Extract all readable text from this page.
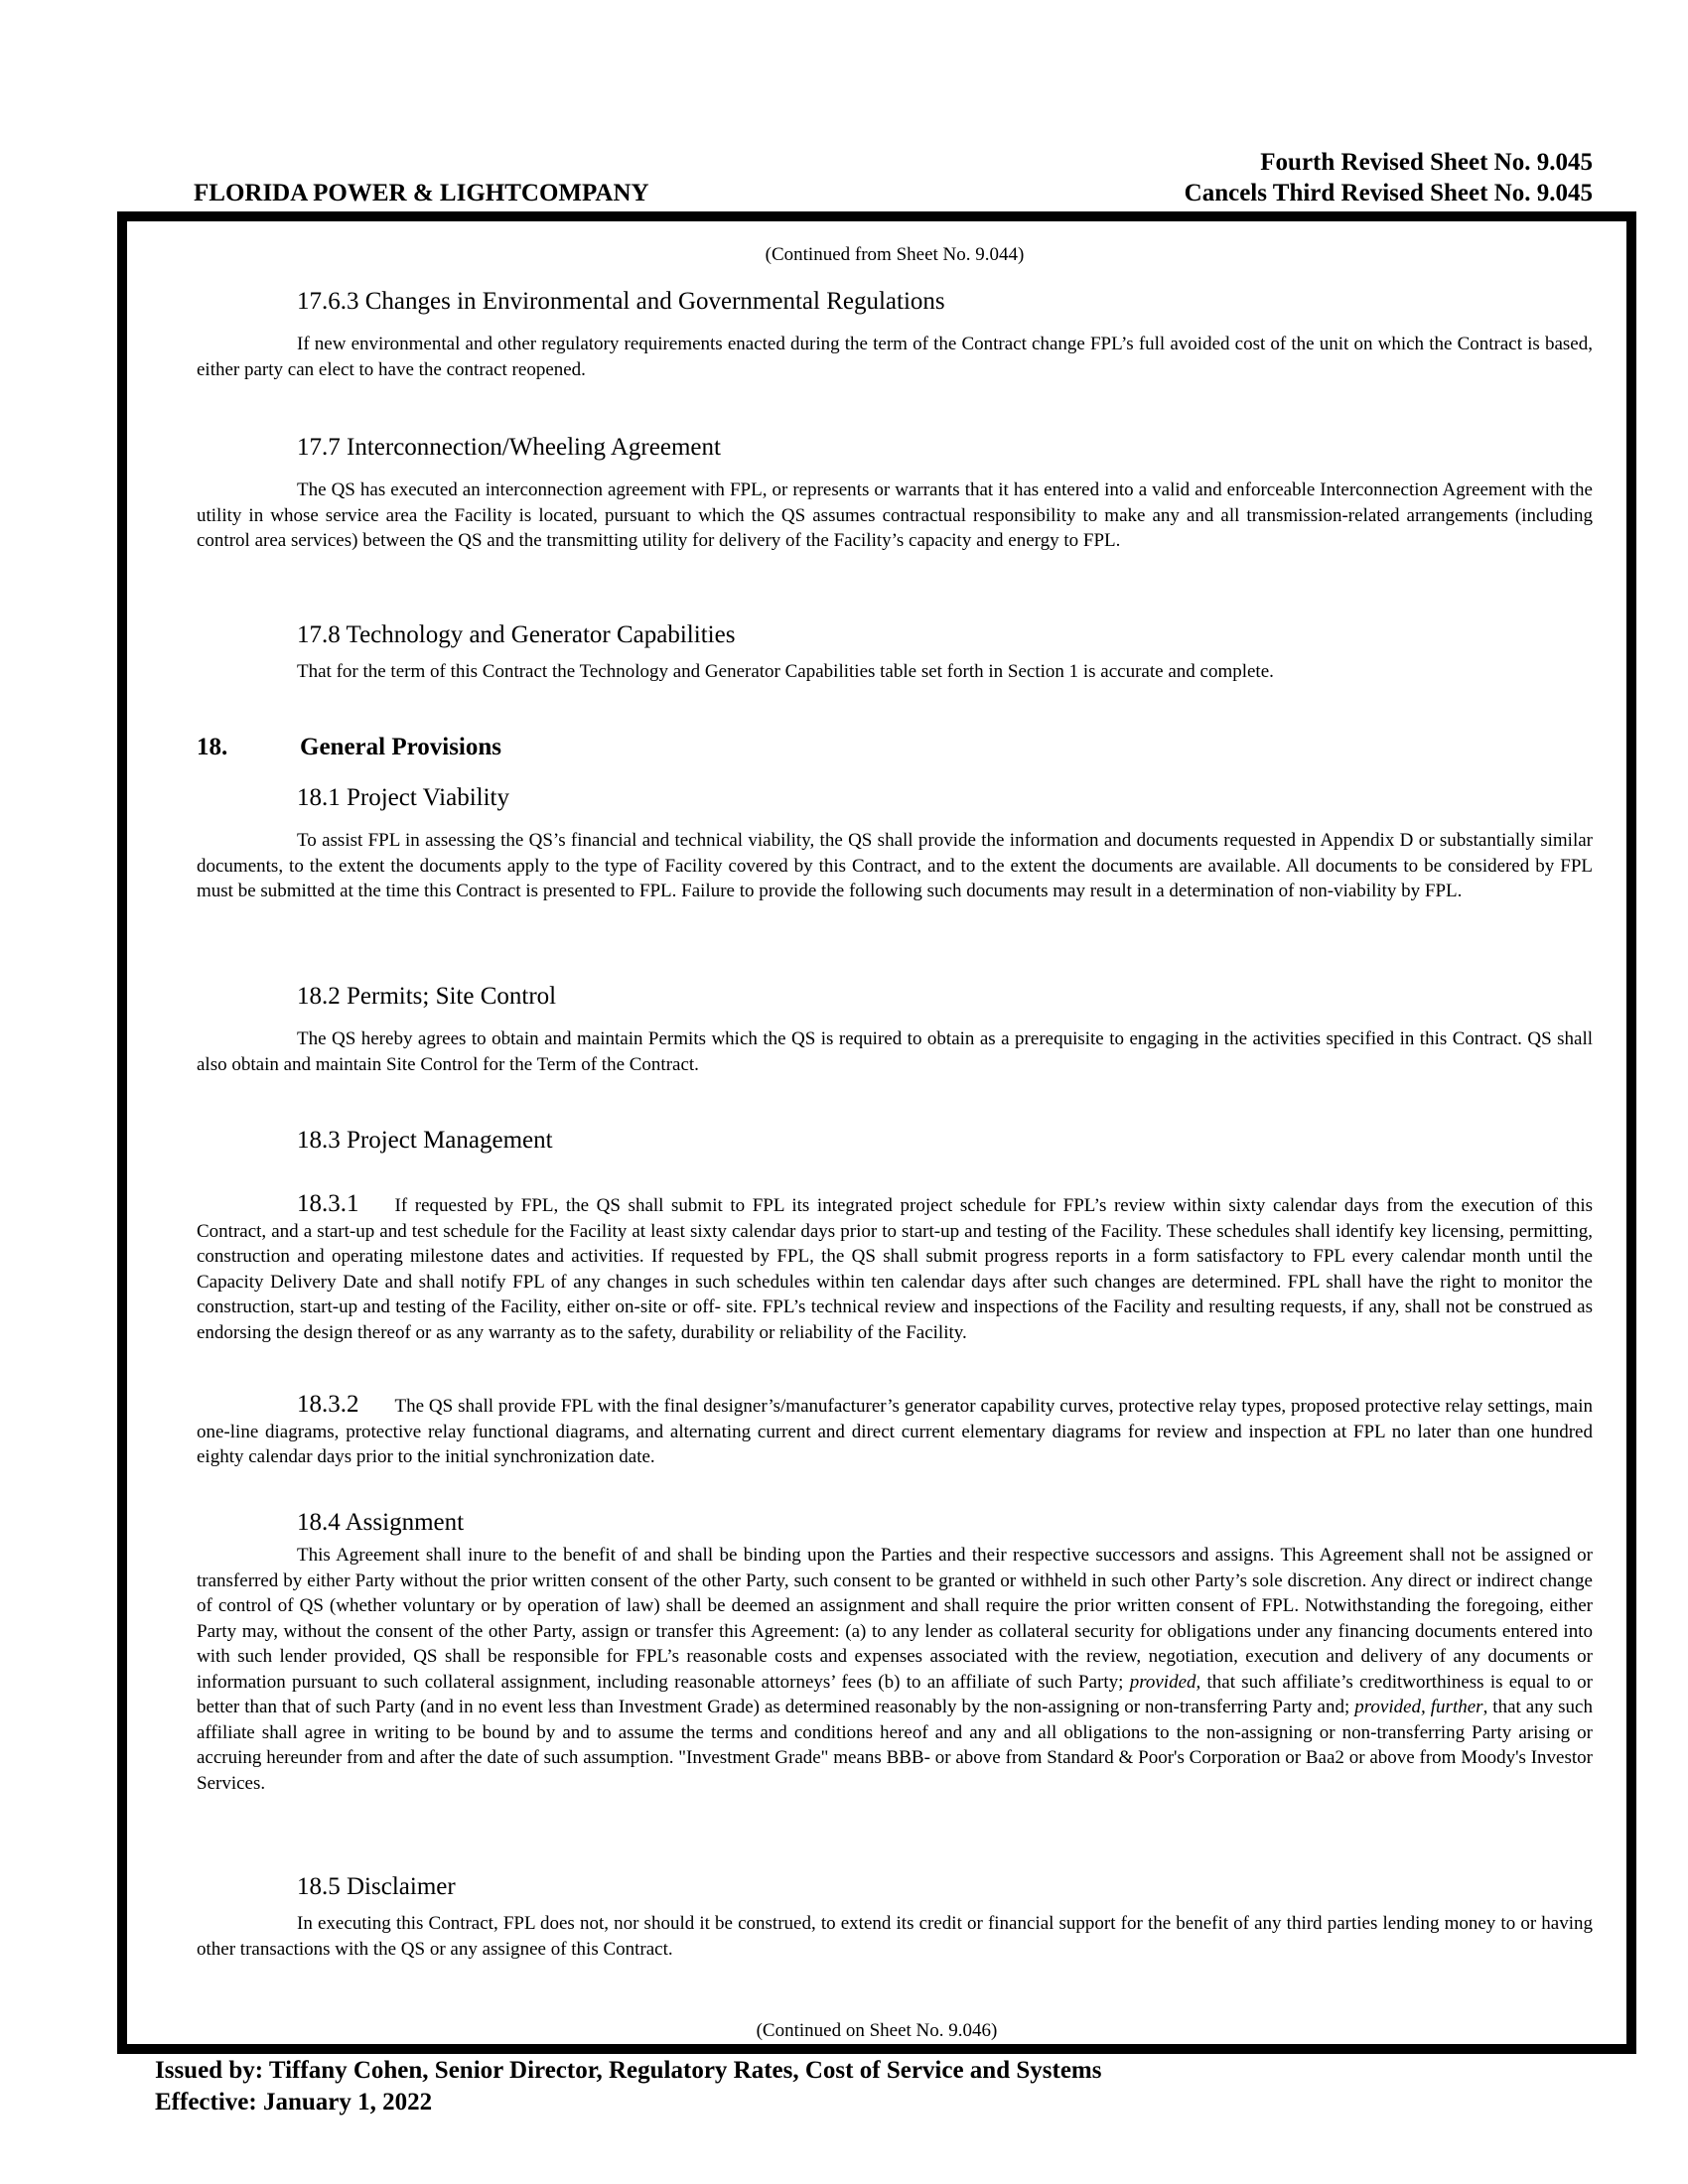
FLORIDA POWER & LIGHTCOMPANY
Fourth Revised Sheet No. 9.045
Cancels Third Revised Sheet No. 9.045
(Continued from Sheet No. 9.044)
17.6.3 Changes in Environmental and Governmental Regulations

If new environmental and other regulatory requirements enacted during the term of the Contract change FPL’s full avoided cost of the unit on which the Contract is based, either party can elect to have the contract reopened.

17.7 Interconnection/Wheeling Agreement

The QS has executed an interconnection agreement with FPL, or represents or warrants that it has entered into a valid and enforceable Interconnection Agreement with the utility in whose service area the Facility is located, pursuant to which the QS assumes contractual responsibility to make any and all transmission-related arrangements (including control area services) between the QS and the transmitting utility for delivery of the Facility’s capacity and energy to FPL.

17.8 Technology and Generator Capabilities

That for the term of this Contract the Technology and Generator Capabilities table set forth in Section 1 is accurate and complete.

18.	General Provisions
18.1 Project Viability

To assist FPL in assessing the QS’s financial and technical viability, the QS shall provide the information and documents requested in Appendix D or substantially similar documents, to the extent the documents apply to the type of Facility covered by this Contract, and to the extent the documents are available. All documents to be considered by FPL must be submitted at the time this Contract is presented to FPL. Failure to provide the following such documents may result in a determination of non-viability by FPL.

18.2 Permits; Site Control

The QS hereby agrees to obtain and maintain Permits which the QS is required to obtain as a prerequisite to engaging in the activities specified in this Contract. QS shall also obtain and maintain Site Control for the Term of the Contract.

18.3 Project Management

18.3.1 If requested by FPL, the QS shall submit to FPL its integrated project schedule for FPL’s review within sixty calendar days from the execution of this Contract, and a start-up and test schedule for the Facility at least sixty calendar days prior to start-up and testing of the Facility. These schedules shall identify key licensing, permitting, construction and operating milestone dates and activities. If requested by FPL, the QS shall submit progress reports in a form satisfactory to FPL every calendar month until the Capacity Delivery Date and shall notify FPL of any changes in such schedules within ten calendar days after such changes are determined. FPL shall have the right to monitor the construction, start-up and testing of the Facility, either on-site or off- site. FPL’s technical review and inspections of the Facility and resulting requests, if any, shall not be construed as endorsing the design thereof or as any warranty as to the safety, durability or reliability of the Facility.

18.3.2 The QS shall provide FPL with the final designer’s/manufacturer’s generator capability curves, protective relay types, proposed protective relay settings, main one-line diagrams, protective relay functional diagrams, and alternating current and direct current elementary diagrams for review and inspection at FPL no later than one hundred eighty calendar days prior to the initial synchronization date.

18.4 Assignment

This Agreement shall inure to the benefit of and shall be binding upon the Parties and their respective successors and assigns. This Agreement shall not be assigned or transferred by either Party without the prior written consent of the other Party, such consent to be granted or withheld in such other Party’s sole discretion. Any direct or indirect change of control of QS (whether voluntary or by operation of law) shall be deemed an assignment and shall require the prior written consent of FPL. Notwithstanding the foregoing, either Party may, without the consent of the other Party, assign or transfer this Agreement: (a) to any lender as collateral security for obligations under any financing documents entered into with such lender provided, QS shall be responsible for FPL’s reasonable costs and expenses associated with the review, negotiation, execution and delivery of any documents or information pursuant to such collateral assignment, including reasonable attorneys’ fees (b) to an affiliate of such Party; provided, that such affiliate’s creditworthiness is equal to or better than that of such Party (and in no event less than Investment Grade) as determined reasonably by the non-assigning or non-transferring Party and; provided, further, that any such affiliate shall agree in writing to be bound by and to assume the terms and conditions hereof and any and all obligations to the non-assigning or non-transferring Party arising or accruing hereunder from and after the date of such assumption. "Investment Grade" means BBB- or above from Standard & Poor's Corporation or Baa2 or above from Moody's Investor Services.

18.5 Disclaimer

In executing this Contract, FPL does not, nor should it be construed, to extend its credit or financial support for the benefit of any third parties lending money to or having other transactions with the QS or any assignee of this Contract.

(Continued on Sheet No. 9.046)
Issued by: Tiffany Cohen, Senior Director, Regulatory Rates, Cost of Service and Systems
Effective: January 1, 2022
